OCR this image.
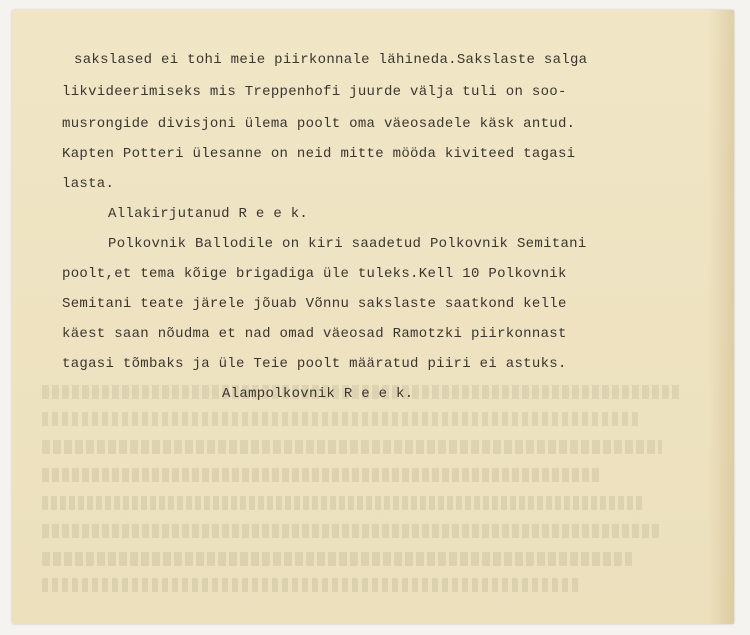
sakslased ei tohi meie piirkonnale lähineda.Sakslaste salga
likvideerimiseks mis Treppenhofi juurde välja tuli on soo-
musrongide divisjoni ülema poolt oma väeosadele käsk antud.
Kapten Potteri ülesanne on neid mitte mööda kiviteed tagasi
lasta.
Allakirjutanud R e e k.
Polkovnik Ballodile on kiri saadetud Polkovnik Semitani
poolt,et tema kõige brigadiga üle tuleks.Kell 10 Polkovnik
Semitani teate järele jõuab Võnnu sakslaste saatkond kelle
käest saan nõudma et nad omad väeosad Ramotzki piirkonnast
tagasi tõmbaks ja üle Teie poolt määratud piiri ei astuks.
Alampolkovnik R e e k.
